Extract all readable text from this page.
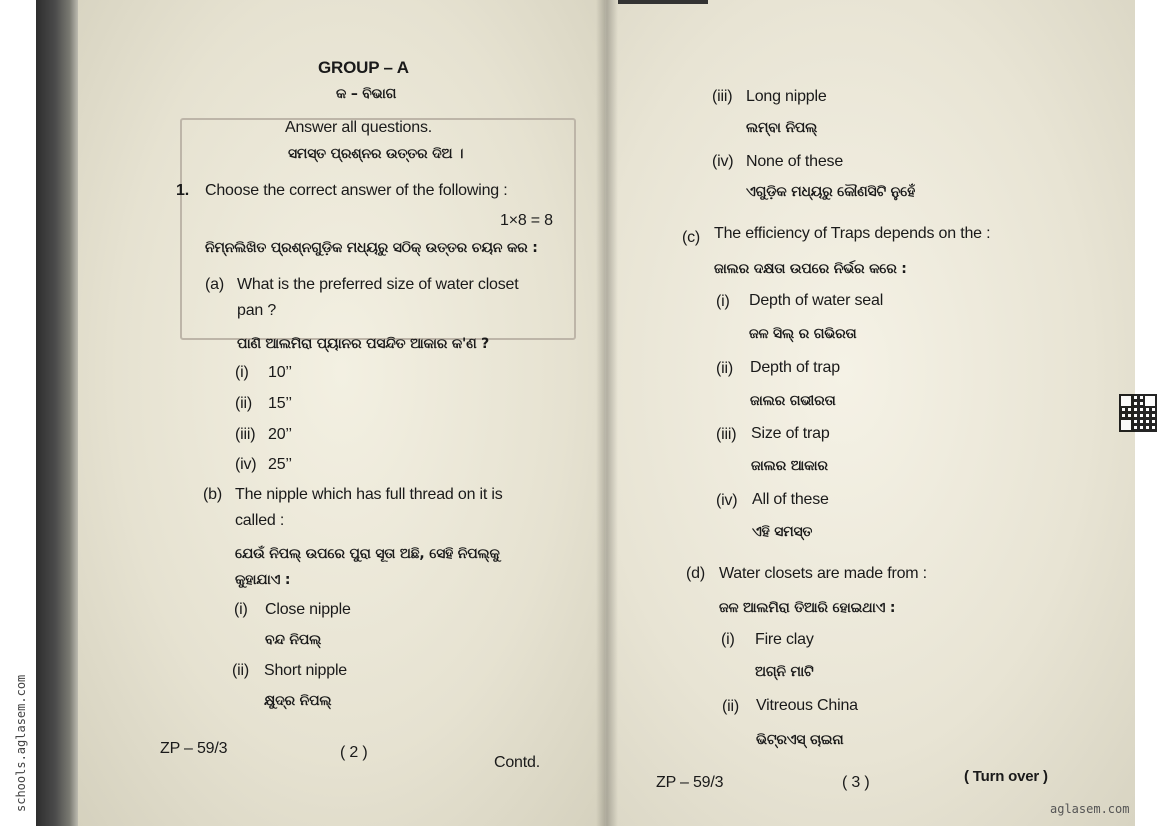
GROUP – A
କ – ବିଭାଗ
Answer all questions.
ସମସ୍ତ ପ୍ରଶ୍ନର ଉତ୍ତର ଦିଅ ।
1. Choose the correct answer of the following :
1×8 = 8
ନିମ୍ନଲିଖିତ ପ୍ରଶ୍ନଗୁଡ଼ିକ ମଧ୍ୟରୁ ସଠିକ୍ ଉତ୍ତର ଚୟନ କର :
(a) What is the preferred size of water closet
pan ?
ପାଣି ଆଲମିରା ପ୍ୟାନର ପସନ୍ଦିତ ଆକାର କ'ଣ ?
(i) 10’’
(ii) 15’’
(iii) 20’’
(iv) 25’’
(b) The nipple which has full thread on it is
called :
ଯେଉଁ ନିପଲ୍ ଉପରେ ପୁରା ସୂତା ଅଛି, ସେହି ନିପଲ୍‌କୁ
କୁହାଯାଏ :
(i) Close nipple
ବନ୍ଦ ନିପଲ୍
(ii) Short nipple
କ୍ଷୁଦ୍ର ନିପଲ୍
ZP – 59/3	( 2 )
Contd.
(iii) Long nipple
ଲମ୍ବା ନିପଲ୍
(iv) None of these
ଏଗୁଡ଼ିକ ମଧ୍ୟରୁ କୌଣସିଟି ନୁହେଁ
(c) The efficiency of Traps depends on the :
ଜାଲର ଦକ୍ଷତା ଉପରେ ନିର୍ଭର କରେ :
(i) Depth of water seal
ଜଳ ସିଲ୍ ର ଗଭିରତା
(ii) Depth of trap
ଜାଲର ଗଭୀରତା
(iii) Size of trap
ଜାଲର ଆକାର
(iv) All of these
ଏହି ସମସ୍ତ
(d) Water closets are made from :
ଜଳ ଆଲମିରା ତିଆରି ହୋଇଥାଏ :
(i) Fire clay
ଅଗ୍ନି ମାଟି
(ii) Vitreous China
ଭିଟ୍ରଏସ୍ ଚାଇନା
ZP – 59/3	( 3 )	( Turn over )
schools.aglasem.com	aglasem.com
